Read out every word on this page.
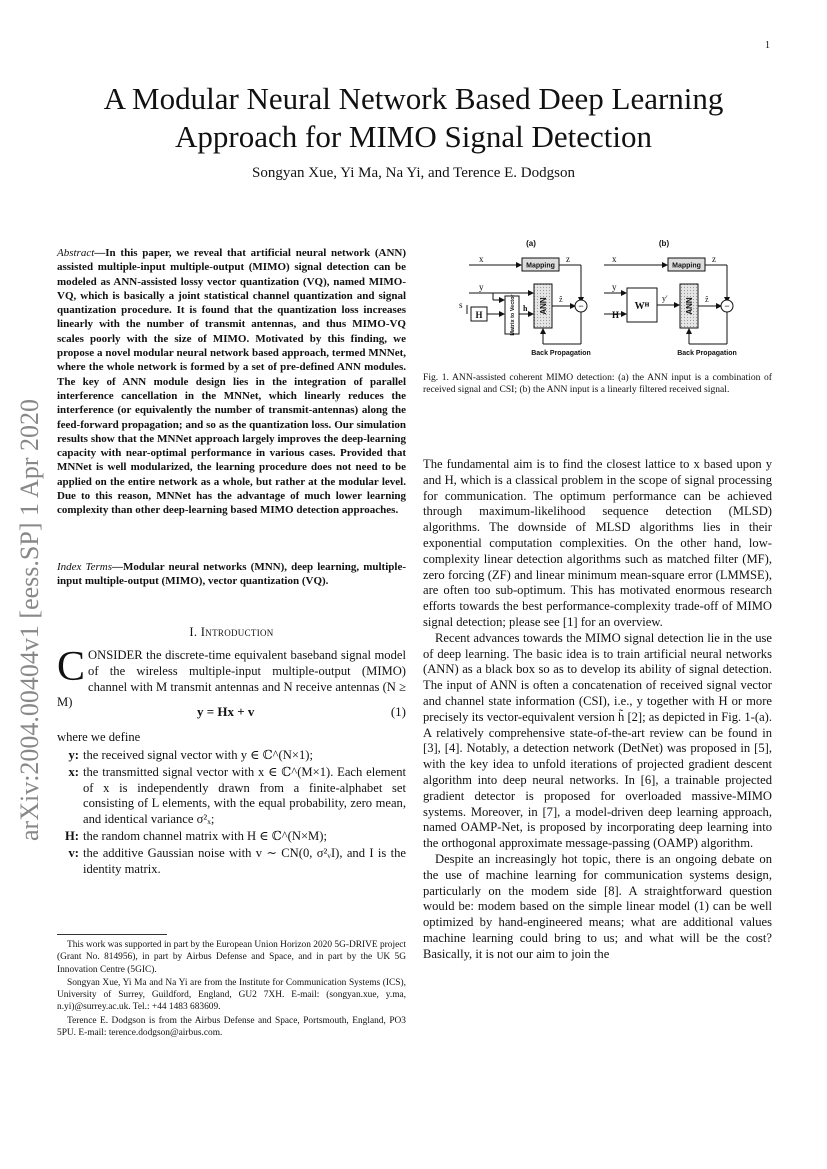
1
A Modular Neural Network Based Deep Learning Approach for MIMO Signal Detection
Songyan Xue, Yi Ma, Na Yi, and Terence E. Dodgson
arXiv:2004.00404v1 [eess.SP] 1 Apr 2020
Abstract—In this paper, we reveal that artificial neural network (ANN) assisted multiple-input multiple-output (MIMO) signal detection can be modeled as ANN-assisted lossy vector quantization (VQ), named MIMO-VQ, which is basically a joint statistical channel quantization and signal quantization procedure. It is found that the quantization loss increases linearly with the number of transmit antennas, and thus MIMO-VQ scales poorly with the size of MIMO. Motivated by this finding, we propose a novel modular neural network based approach, termed MNNet, where the whole network is formed by a set of pre-defined ANN modules. The key of ANN module design lies in the integration of parallel interference cancellation in the MNNet, which linearly reduces the interference (or equivalently the number of transmit-antennas) along the feed-forward propagation; and so as the quantization loss. Our simulation results show that the MNNet approach largely improves the deep-learning capacity with near-optimal performance in various cases. Provided that MNNet is well modularized, the learning procedure does not need to be applied on the entire network as a whole, but rather at the modular level. Due to this reason, MNNet has the advantage of much lower learning complexity than other deep-learning based MIMO detection approaches.
Index Terms—Modular neural networks (MNN), deep learning, multiple-input multiple-output (MIMO), vector quantization (VQ).
I. Introduction
CONSIDER the discrete-time equivalent baseband signal model of the wireless multiple-input multiple-output (MIMO) channel with M transmit antennas and N receive antennas (N ≥ M)
y = Hx + v	(1)
where we define
y: the received signal vector with y ∈ ℂ^(N×1);
x: the transmitted signal vector with x ∈ ℂ^(M×1). Each element of x is independently drawn from a finite-alphabet set consisting of L elements, with the equal probability, zero mean, and identical variance σ²ₓ;
H: the random channel matrix with H ∈ ℂ^(N×M);
v: the additive Gaussian noise with v ∼ CN(0, σ²ᵥI), and I is the identity matrix.

This work was supported in part by the European Union Horizon 2020 5G-DRIVE project (Grant No. 814956), in part by Airbus Defense and Space, and in part by the UK 5G Innovation Centre (5GIC).

Songyan Xue, Yi Ma and Na Yi are from the Institute for Communication Systems (ICS), University of Surrey, Guildford, England, GU2 7XH. E-mail: (songyan.xue, y.ma, n.yi)@surrey.ac.uk. Tel.: +44 1483 683609.

Terence E. Dodgson is from the Airbus Defense and Space, Portsmouth, England, PO3 5PU. E-mail: terence.dodgson@airbus.com.

(a)
x
Mapping
z
y
s
H	Matrix to Vector h ANN ẑ
−
Back Propagation
(b)
x
Mapping
z
y
H
Wᴴ
y′ ANN ẑ
−
Back Propagation
Fig. 1. ANN-assisted coherent MIMO detection: (a) the ANN input is a combination of received signal and CSI; (b) the ANN input is a linearly filtered received signal.

The fundamental aim is to find the closest lattice to x based upon y and H, which is a classical problem in the scope of signal processing for communication. The optimum performance can be achieved through maximum-likelihood sequence detection (MLSD) algorithms. The downside of MLSD algorithms lies in their exponential computation complexities. On the other hand, low-complexity linear detection algorithms such as matched filter (MF), zero forcing (ZF) and linear minimum mean-square error (LMMSE), are often too sub-optimum. This has motivated enormous research efforts towards the best performance-complexity trade-off of MIMO signal detection; please see [1] for an overview.

Recent advances towards the MIMO signal detection lie in the use of deep learning. The basic idea is to train artificial neural networks (ANN) as a black box so as to develop its ability of signal detection. The input of ANN is often a concatenation of received signal vector and channel state information (CSI), i.e., y together with H or more precisely its vector-equivalent version h̃ [2]; as depicted in Fig. 1-(a). A relatively comprehensive state-of-the-art review can be found in [3], [4]. Notably, a detection network (DetNet) was proposed in [5], with the key idea to unfold iterations of projected gradient descent algorithm into deep neural networks. In [6], a trainable projected gradient detector is proposed for overloaded massive-MIMO systems. Moreover, in [7], a model-driven deep learning approach, named OAMP-Net, is proposed by incorporating deep learning into the orthogonal approximate message-passing (OAMP) algorithm.

Despite an increasingly hot topic, there is an ongoing debate on the use of machine learning for communication systems design, particularly on the modem side [8]. A straightforward question would be: modem based on the simple linear model (1) can be well optimized by hand-engineered means; what are additional values machine learning could bring to us; and what will be the cost? Basically, it is not our aim to join the
